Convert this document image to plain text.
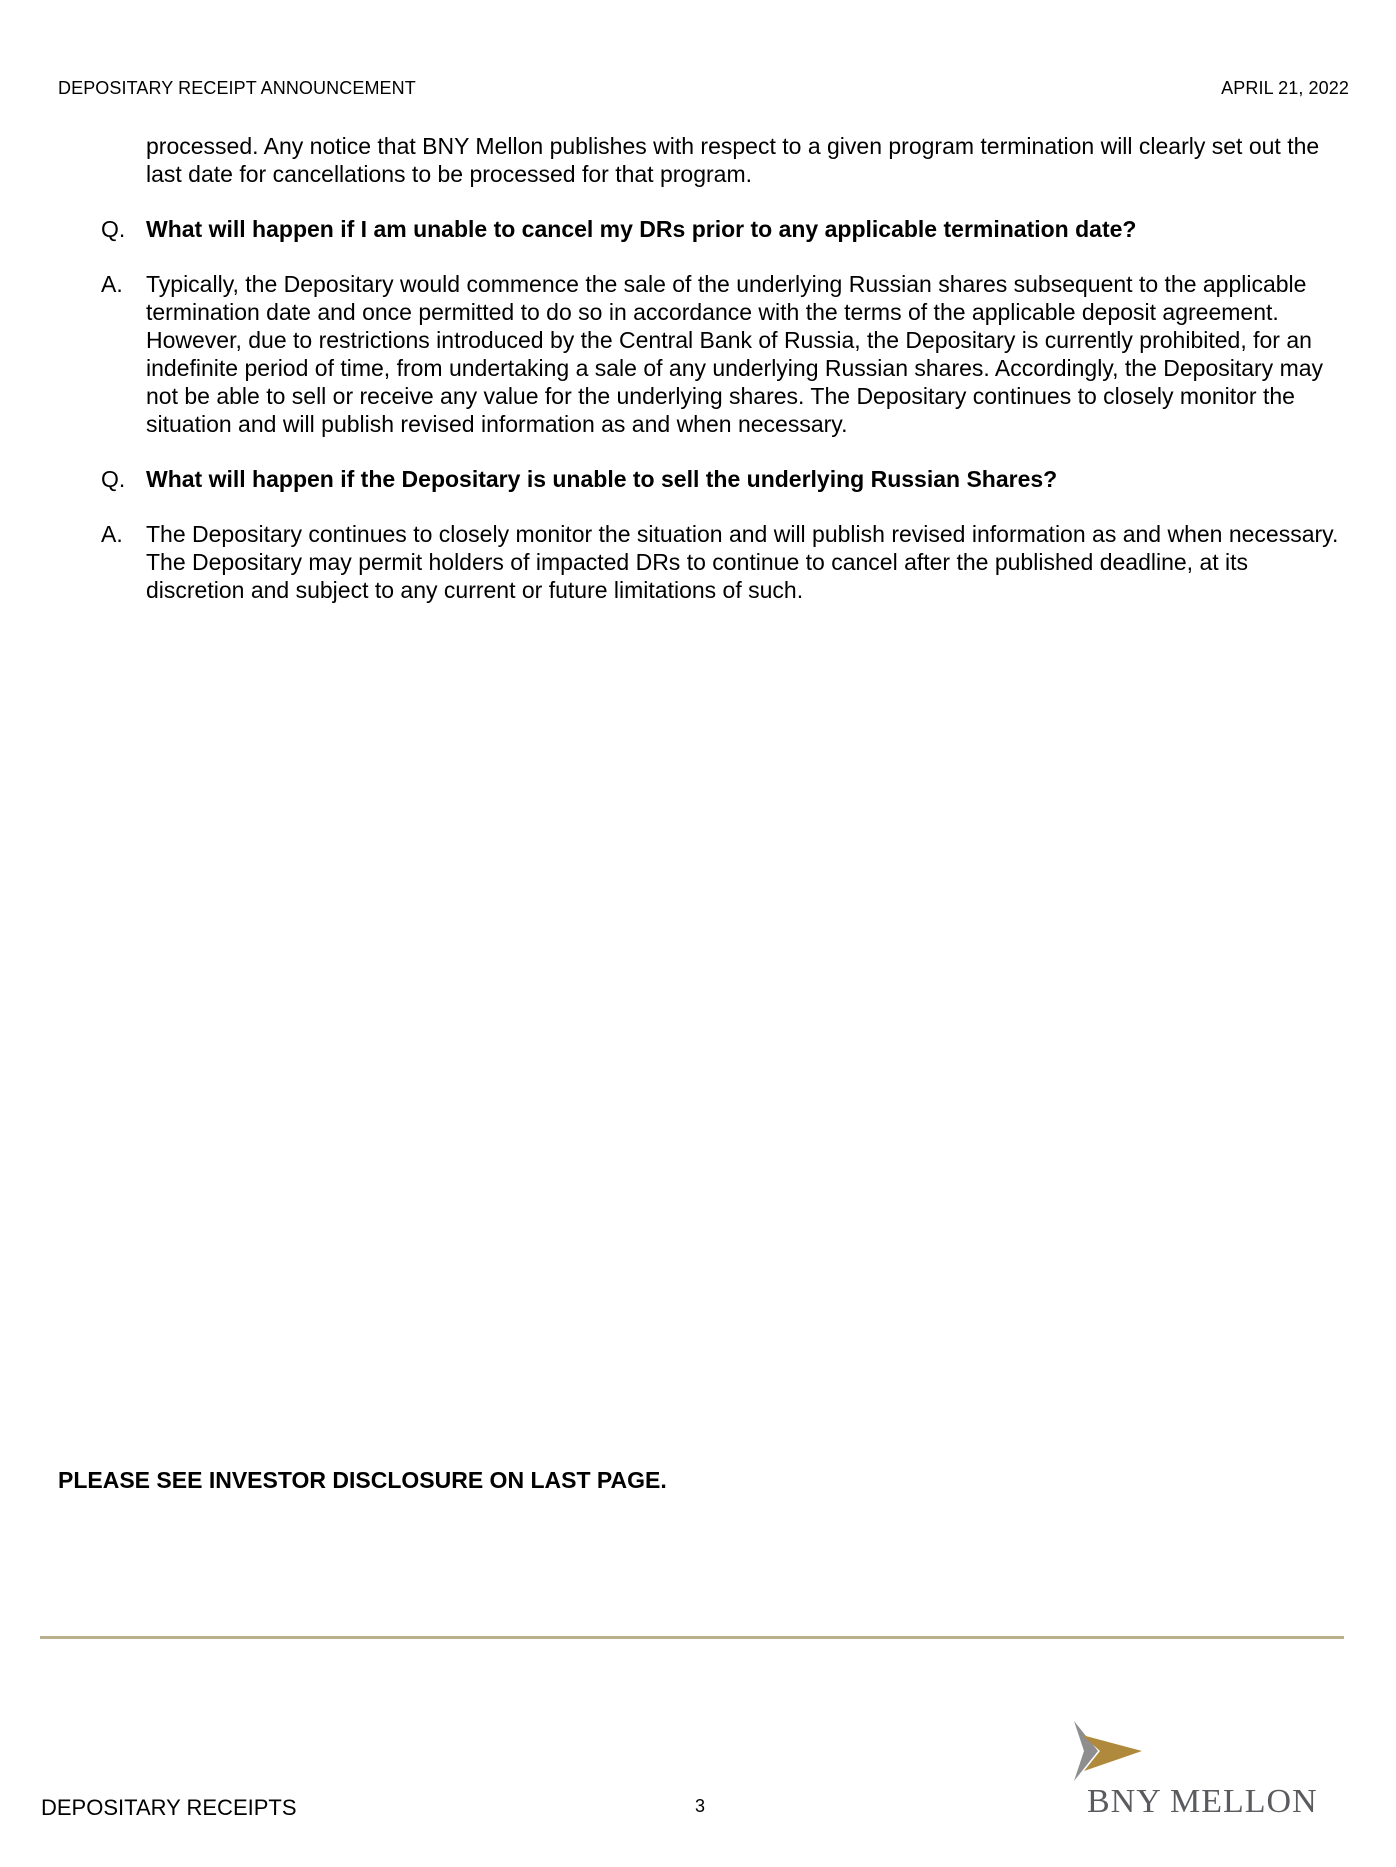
DEPOSITARY RECEIPT ANNOUNCEMENT	APRIL 21, 2022
processed. Any notice that BNY Mellon publishes with respect to a given program termination will clearly set out the last date for cancellations to be processed for that program.
Q. What will happen if I am unable to cancel my DRs prior to any applicable termination date?
A. Typically, the Depositary would commence the sale of the underlying Russian shares subsequent to the applicable termination date and once permitted to do so in accordance with the terms of the applicable deposit agreement. However, due to restrictions introduced by the Central Bank of Russia, the Depositary is currently prohibited, for an indefinite period of time, from undertaking a sale of any underlying Russian shares. Accordingly, the Depositary may not be able to sell or receive any value for the underlying shares. The Depositary continues to closely monitor the situation and will publish revised information as and when necessary.
Q. What will happen if the Depositary is unable to sell the underlying Russian Shares?
A. The Depositary continues to closely monitor the situation and will publish revised information as and when necessary. The Depositary may permit holders of impacted DRs to continue to cancel after the published deadline, at its discretion and subject to any current or future limitations of such.
PLEASE SEE INVESTOR DISCLOSURE ON LAST PAGE.
DEPOSITARY RECEIPTS	3	BNY MELLON
